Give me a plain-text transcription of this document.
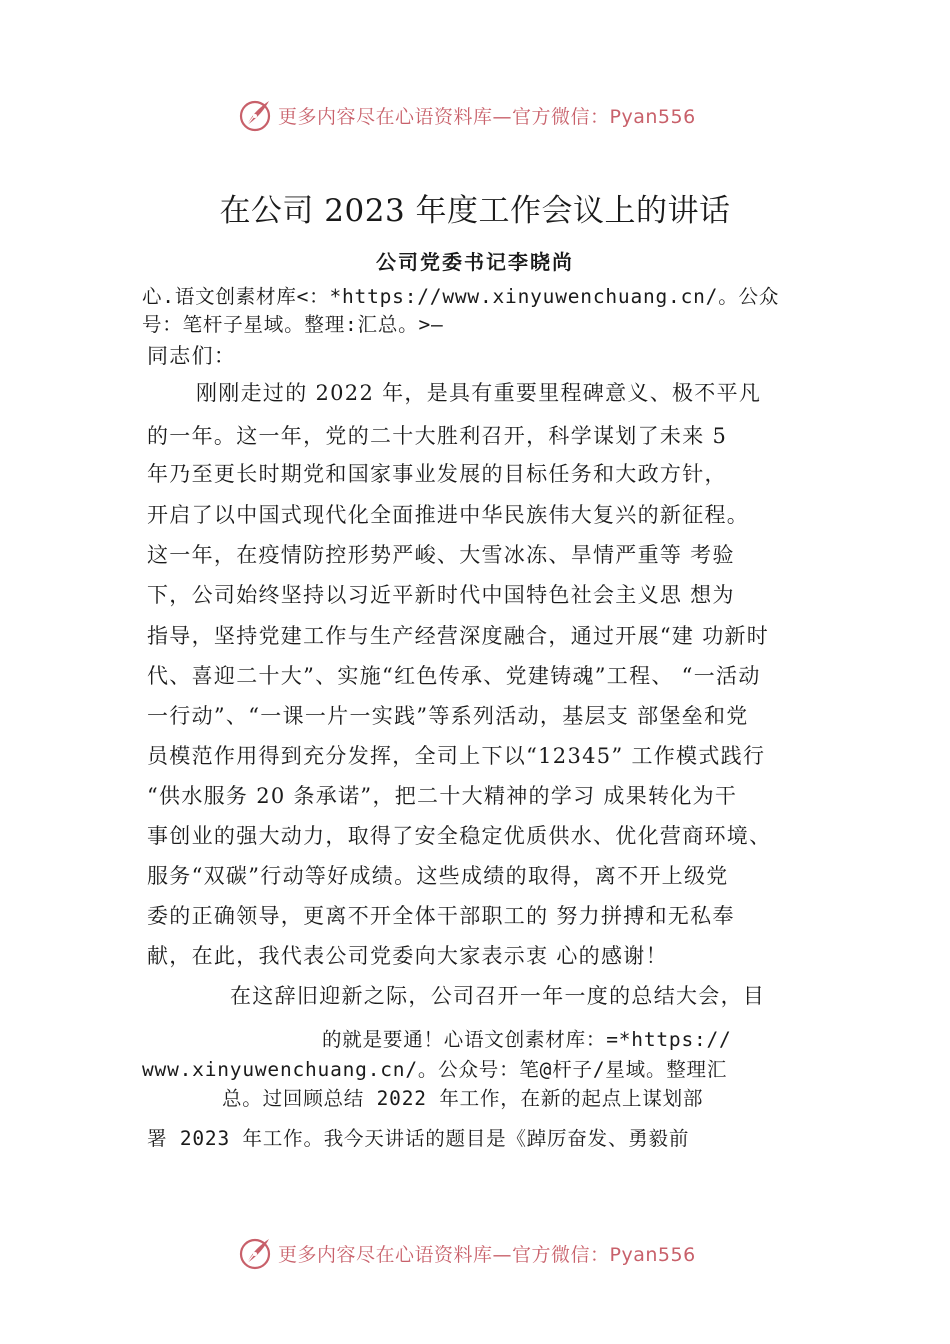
更多内容尽在心语资料库—官方微信：Pyan556
在公司 2023 年度工作会议上的讲话
公司党委书记李晓尚
心.语文创素材库<：*https://www.xinyuwenchuang.cn/。公众
号：笔杆子星域。整理:汇总。>—
同志们：
刚刚走过的 2022 年，是具有重要里程碑意义、极不平凡
的一年。这一年，党的二十大胜利召开，科学谋划了未来 5
年乃至更长时期党和国家事业发展的目标任务和大政方针，
开启了以中国式现代化全面推进中华民族伟大复兴的新征程。
这一年，在疫情防控形势严峻、大雪冰冻、旱情严重等 考验
下，公司始终坚持以习近平新时代中国特色社会主义思 想为
指导，坚持党建工作与生产经营深度融合，通过开展“建 功新时
代、喜迎二十大”、实施“红色传承、党建铸魂”工程、 “一活动
一行动”、“一课一片一实践”等系列活动，基层支 部堡垒和党
员模范作用得到充分发挥，全司上下以“12345” 工作模式践行
“供水服务 20 条承诺”，把二十大精神的学习 成果转化为干
事创业的强大动力，取得了安全稳定优质供水、优化营商环境、
服务“双碳”行动等好成绩。这些成绩的取得，离不开上级党
委的正确领导，更离不开全体干部职工的 努力拼搏和无私奉
献，在此，我代表公司党委向大家表示衷 心的感谢！
在这辞旧迎新之际，公司召开一年一度的总结大会，目
的就是要通！心语文创素材库：=*https://
www.xinyuwenchuang.cn/。公众号：笔@杆子/星域。整理汇
总。过回顾总结 2022 年工作，在新的起点上谋划部
署 2023 年工作。我今天讲话的题目是《踔厉奋发、勇毅前
更多内容尽在心语资料库—官方微信：Pyan556
